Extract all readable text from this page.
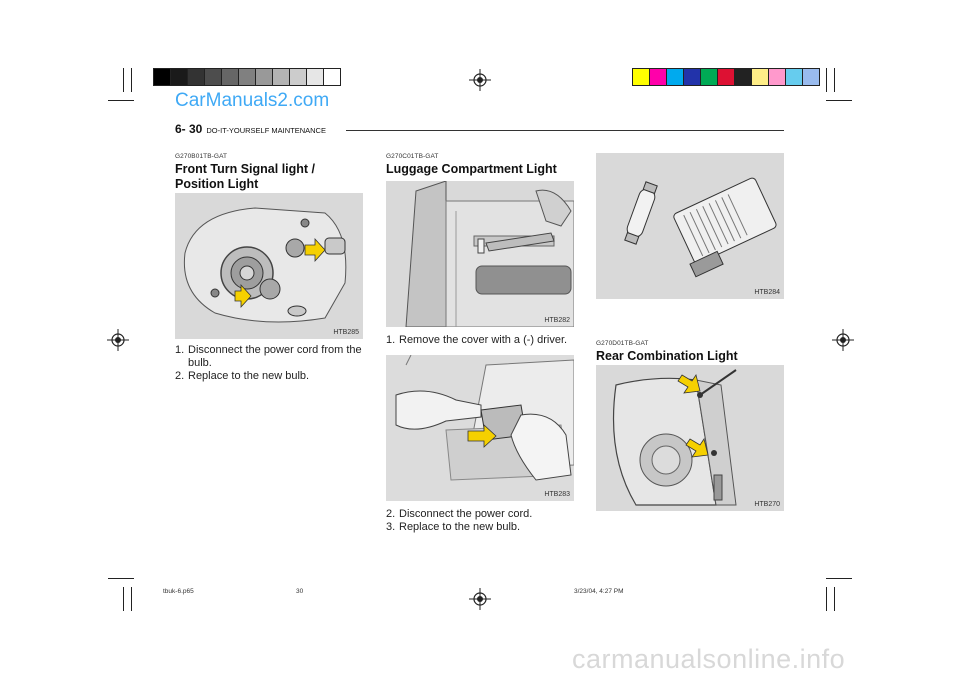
CarManuals2.com
6- 30 DO-IT-YOURSELF MAINTENANCE
G270B01TB-GAT
Front Turn Signal light /
Position Light
HTB285
1. Disconnect the power cord from the
bulb.
2. Replace to the new bulb.
G270C01TB-GAT
Luggage Compartment Light
HTB282
1. Remove the cover with a (-) driver.
HTB283
2. Disconnect the power cord.
3. Replace to the new bulb.
HTB284
G270D01TB-GAT
Rear Combination Light
HTB270
tbuk-6.p65	30	3/23/04, 4:27 PM
carmanualsonline.info
